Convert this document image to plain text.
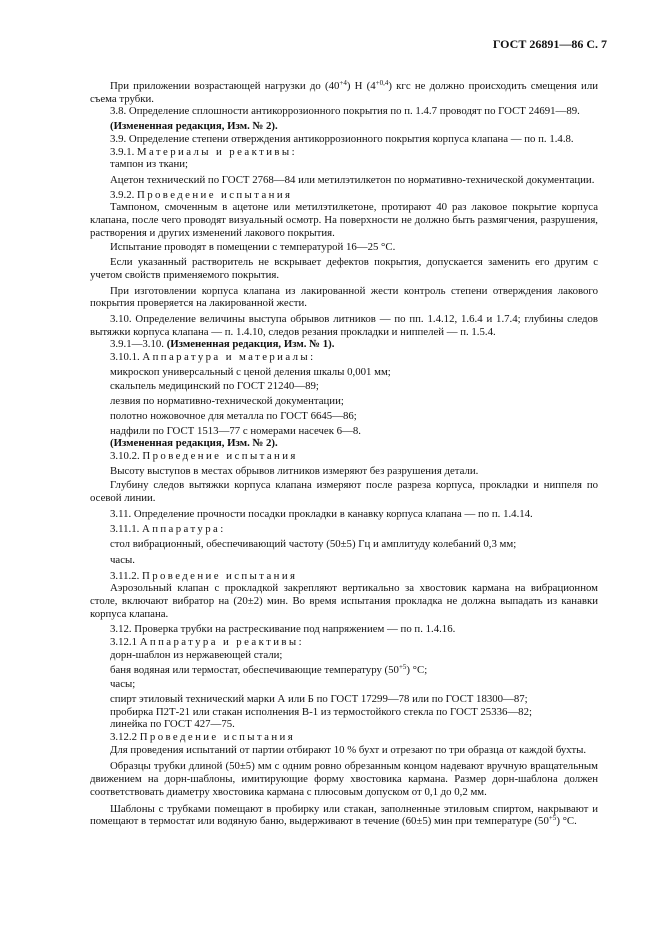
ГОСТ 26891—86 С. 7

При приложении возрастающей нагрузки до $(40^{+4})$ Н $(4^{+0,4})$ кгс не должно происходить смещения или съема трубки.

3.8. Определение сплошности антикоррозионного покрытия по п. 1.4.7 проводят по ГОСТ 24691—89.

(Измененная редакция, Изм. № 2).

3.9. Определение степени отверждения антикоррозионного покрытия корпуса клапана — по п. 1.4.8.

3.9.1. Материалы и реактивы:

тампон из ткани;

Ацетон технический по ГОСТ 2768—84 или метилэтилкетон по нормативно-технической документации.

3.9.2. Проведение испытания

Тампоном, смоченным в ацетоне или метилэтилкетоне, протирают 40 раз лаковое покрытие корпуса клапана, после чего проводят визуальный осмотр. На поверхности не должно быть размягчения, разрушения, растворения и других изменений лакового покрытия.

Испытание проводят в помещении с температурой 16—25 °С.

Если указанный растворитель не вскрывает дефектов покрытия, допускается заменить его другим с учетом свойств применяемого покрытия.

При изготовлении корпуса клапана из лакированной жести контроль степени отверждения лакового покрытия проверяется на лакированной жести.

3.10. Определение величины выступа обрывов литников — по пп. 1.4.12, 1.6.4 и 1.7.4; глубины следов вытяжки корпуса клапана — п. 1.4.10, следов резания прокладки и ниппелей — п. 1.5.4.

3.9.1—3.10. (Измененная редакция, Изм. № 1).

3.10.1. Аппаратура и материалы:

микроскоп универсальный с ценой деления шкалы 0,001 мм;

скальпель медицинский по ГОСТ 21240—89;

лезвия по нормативно-технической документации;

полотно ножовочное для металла по ГОСТ 6645—86;

надфили по ГОСТ 1513—77 с номерами насечек 6—8.

(Измененная редакция, Изм. № 2).

3.10.2. Проведение испытания

Высоту выступов в местах обрывов литников измеряют без разрушения детали.

Глубину следов вытяжки корпуса клапана измеряют после разреза корпуса, прокладки и ниппеля по осевой линии.

3.11. Определение прочности посадки прокладки в канавку корпуса клапана — по п. 1.4.14.

3.11.1. Аппаратура:

стол вибрационный, обеспечивающий частоту (50±5) Гц и амплитуду колебаний 0,3 мм;

часы.

3.11.2. Проведение испытания

Аэрозольный клапан с прокладкой закрепляют вертикально за хвостовик кармана на вибрационном столе, включают вибратор на (20±2) мин. Во время испытания прокладка не должна выпадать из канавки корпуса клапана.

3.12. Проверка трубки на растрескивание под напряжением — по п. 1.4.16.

3.12.1 Аппаратура и реактивы:

дорн-шаблон из нержавеющей стали;

баня водяная или термостат, обеспечивающие температуру $(50^{+5})$ °С;

часы;

спирт этиловый технический марки А или Б по ГОСТ 17299—78 или по ГОСТ 18300—87;

пробирка П2Т-21 или стакан исполнения В-1 из термостойкого стекла по ГОСТ 25336—82;

линейка по ГОСТ 427—75.

3.12.2 Проведение испытания

Для проведения испытаний от партии отбирают 10 % бухт и отрезают по три образца от каждой бухты.

Образцы трубки длиной (50±5) мм с одним ровно обрезанным концом надевают вручную вращательным движением на дорн-шаблоны, имитирующие форму хвостовика кармана. Размер дорн-шаблона должен соответствовать диаметру хвостовика кармана с плюсовым допуском от 0,1 до 0,2 мм.

Шаблоны с трубками помещают в пробирку или стакан, заполненные этиловым спиртом, накрывают и помещают в термостат или водяную баню, выдерживают в течение (60±5) мин при температуре $(50^{+5})$ °С.
